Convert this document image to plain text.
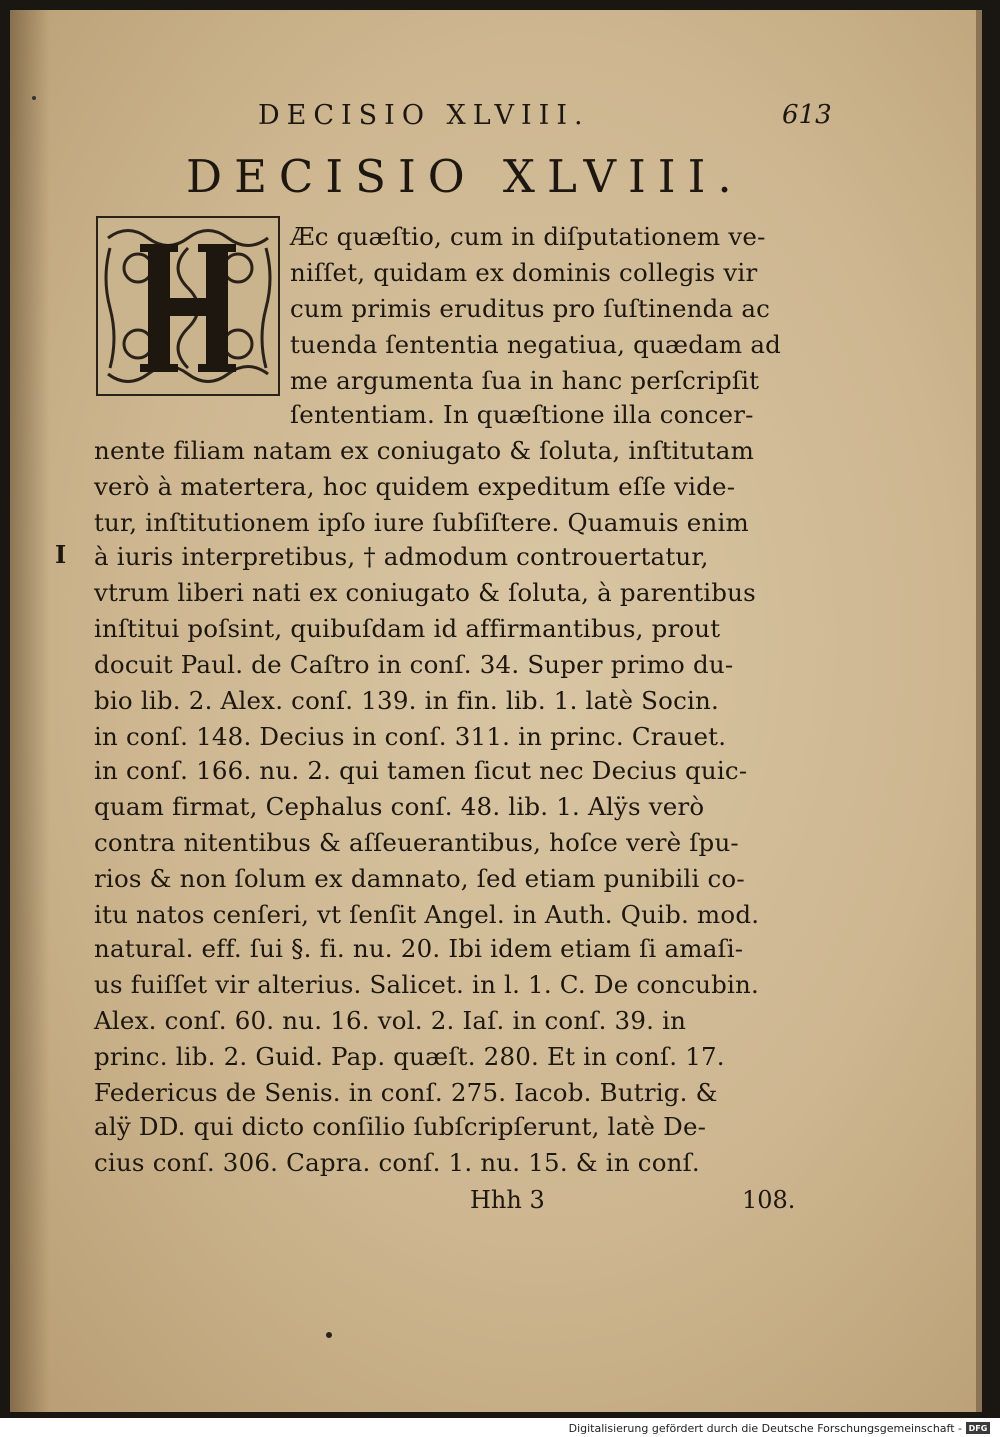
DECISIO XLVIII.	613
DECISIO XLVIII.
I
Æc quæſtio, cum in diſputationem ve-
niſſet, quidam ex dominis collegis vir
cum primis eruditus pro ſuſtinenda ac
tuenda ſententia negatiua, quædam ad
me argumenta ſua in hanc perſcripſit
ſententiam. In quæſtione illa concer-
nente filiam natam ex coniugato & ſoluta, inſtitutam
verò à matertera, hoc quidem expeditum eſſe vide-
tur, inſtitutionem ipſo iure ſubſiſtere. Quamuis enim
à iuris interpretibus, † admodum controuertatur,
vtrum liberi nati ex coniugato & ſoluta, à parentibus
inſtitui poſsint, quibuſdam id affirmantibus, prout
docuit Paul. de Caſtro in conſ. 34. Super primo du-
bio lib. 2. Alex. conſ. 139. in fin. lib. 1. latè Socin.
in conſ. 148. Decius in conſ. 311. in princ. Crauet.
in conſ. 166. nu. 2. qui tamen ſicut nec Decius quic-
quam firmat, Cephalus conſ. 48. lib. 1. Alÿs verò
contra nitentibus & aſſeuerantibus, hoſce verè ſpu-
rios & non ſolum ex damnato, ſed etiam punibili co-
itu natos cenſeri, vt ſenſit Angel. in Auth. Quib. mod.
natural. eff. ſui §. fi. nu. 20. Ibi idem etiam ſi amaſi-
us fuiſſet vir alterius. Salicet. in l. 1. C. De concubin.
Alex. conſ. 60. nu. 16. vol. 2. Iaſ. in conſ. 39. in
princ. lib. 2. Guid. Pap. quæſt. 280. Et in conſ. 17.
Federicus de Senis. in conſ. 275. Iacob. Butrig. &
alÿ DD. qui dicto conſilio ſubſcripſerunt, latè De-
cius conſ. 306. Capra. conſ. 1. nu. 15. & in conſ.
Hhh 3	108.
Digitalisierung gefördert durch die Deutsche Forschungsgemeinschaft - DFG
